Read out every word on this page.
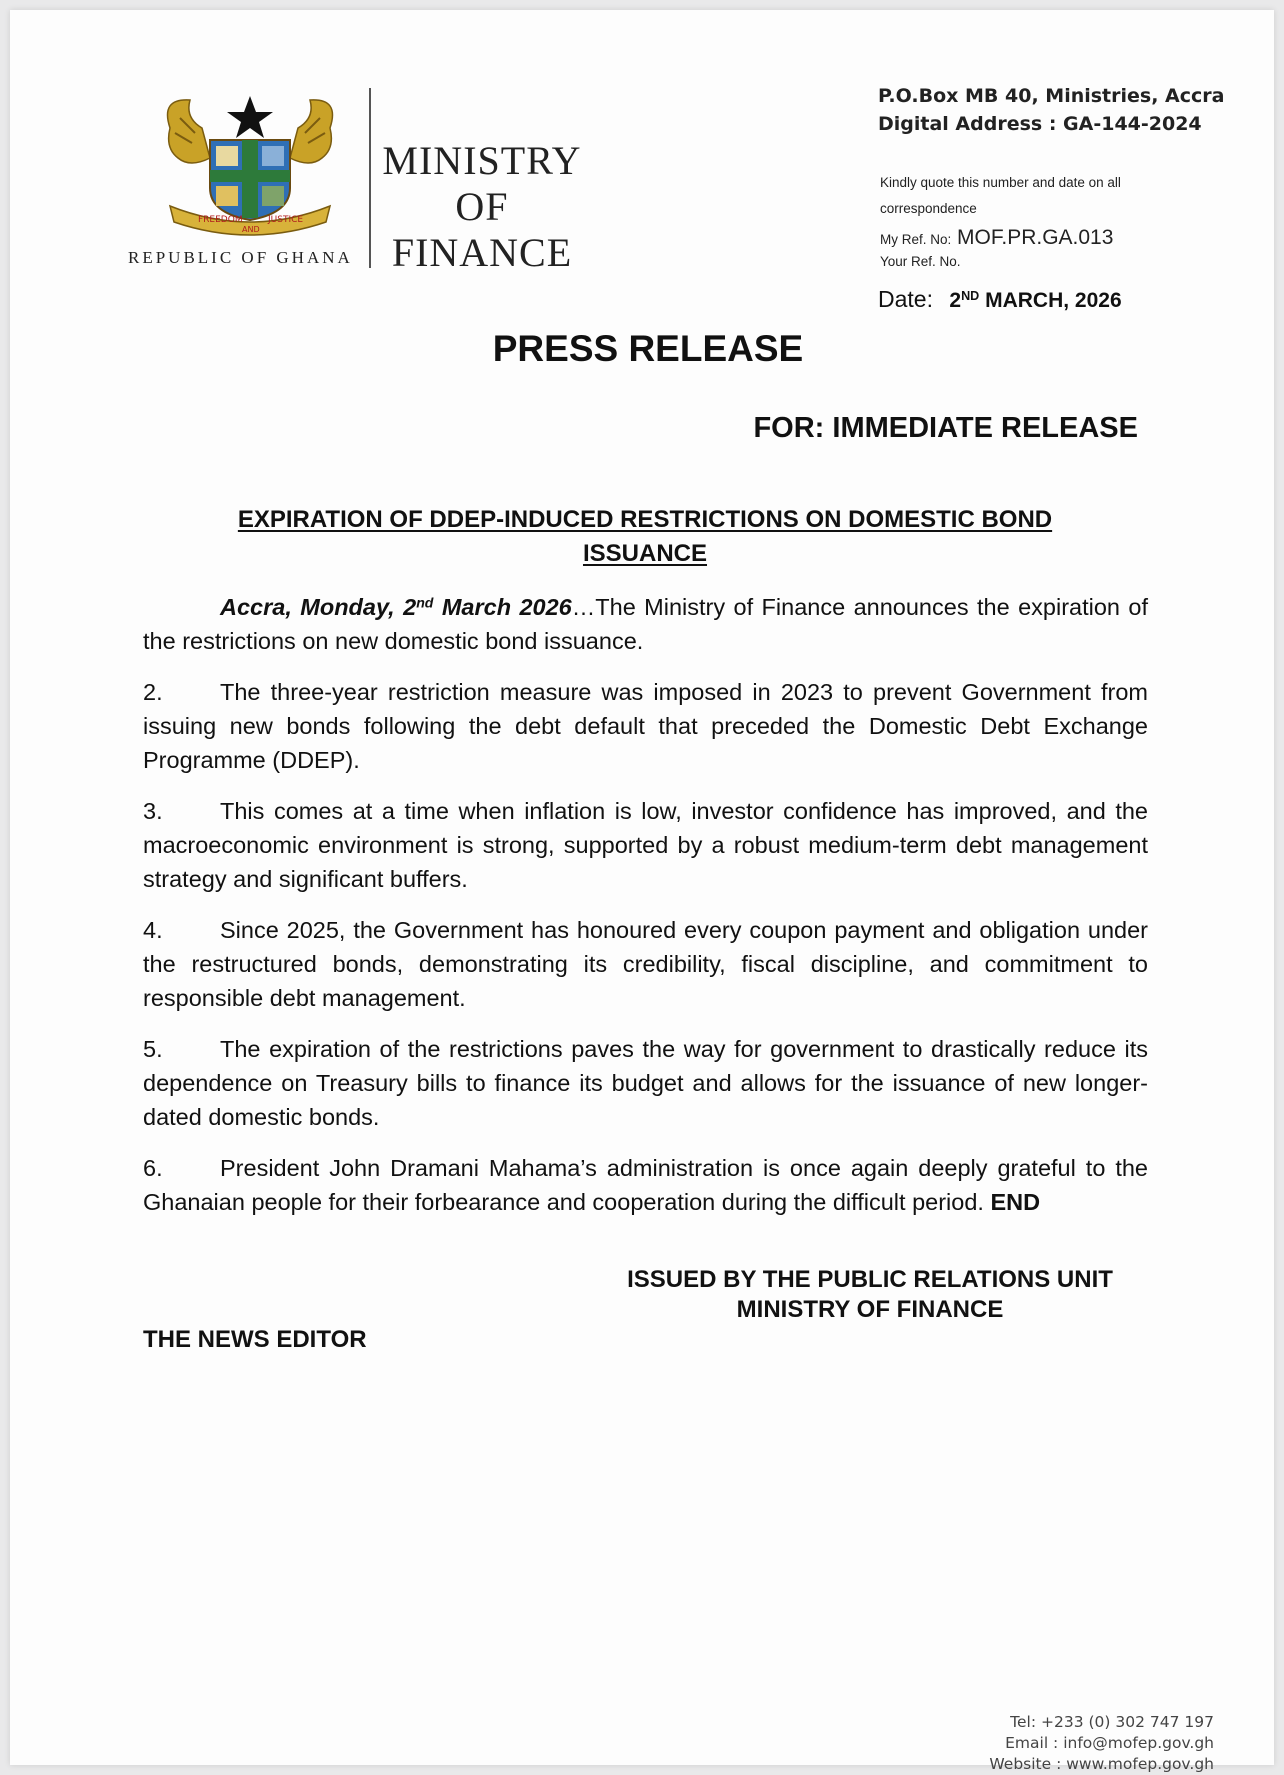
FREEDOM
AND
JUSTICE
REPUBLIC OF GHANA
MINISTRY
OF
FINANCE
P.O.Box MB 40, Ministries, Accra
Digital Address : GA-144-2024
Kindly quote this number and date on all correspondence
My Ref. No: MOF.PR.GA.013
Your Ref. No.
Date: 2ND MARCH, 2026
PRESS RELEASE
FOR: IMMEDIATE RELEASE
EXPIRATION OF DDEP-INDUCED RESTRICTIONS ON DOMESTIC BOND ISSUANCE

Accra, Monday, 2nd March 2026…The Ministry of Finance announces the expiration of the restrictions on new domestic bond issuance.

2. The three-year restriction measure was imposed in 2023 to prevent Government from issuing new bonds following the debt default that preceded the Domestic Debt Exchange Programme (DDEP).

3. This comes at a time when inflation is low, investor confidence has improved, and the macroeconomic environment is strong, supported by a robust medium-term debt management strategy and significant buffers.

4. Since 2025, the Government has honoured every coupon payment and obligation under the restructured bonds, demonstrating its credibility, fiscal discipline, and commitment to responsible debt management.

5. The expiration of the restrictions paves the way for government to drastically reduce its dependence on Treasury bills to finance its budget and allows for the issuance of new longer-dated domestic bonds.

6. President John Dramani Mahama’s administration is once again deeply grateful to the Ghanaian people for their forbearance and cooperation during the difficult period. END

ISSUED BY THE PUBLIC RELATIONS UNIT
MINISTRY OF FINANCE
THE NEWS EDITOR
Tel: +233 (0) 302 747 197
Email : info@mofep.gov.gh
Website : www.mofep.gov.gh
